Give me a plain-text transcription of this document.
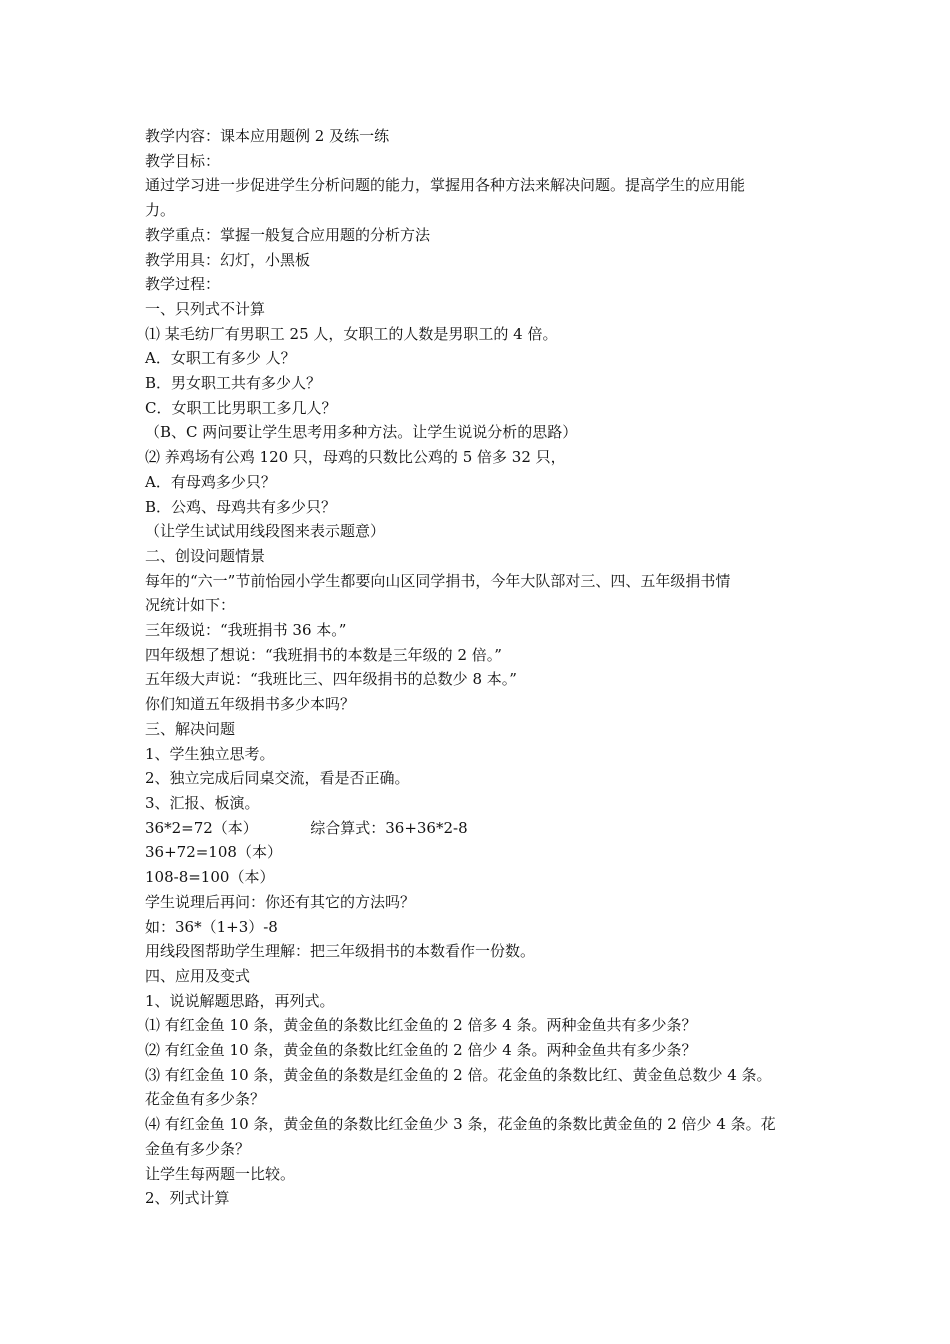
教学内容：课本应用题例 2 及练一练

教学目标：

通过学习进一步促进学生分析问题的能力，掌握用各种方法来解决问题。提高学生的应用能

力。

教学重点：掌握一般复合应用题的分析方法

教学用具：幻灯，小黑板

教学过程：

一、只列式不计算

⑴ 某毛纺厂有男职工 25 人，女职工的人数是男职工的 4 倍。

A．女职工有多少 人？

B．男女职工共有多少人？

C．女职工比男职工多几人？

（B、C 两问要让学生思考用多种方法。让学生说说分析的思路）

⑵ 养鸡场有公鸡 120 只，母鸡的只数比公鸡的 5 倍多 32 只，

A．有母鸡多少只？

B．公鸡、母鸡共有多少只？

（让学生试试用线段图来表示题意）

二、创设问题情景

每年的“六一”节前怡园小学生都要向山区同学捐书，今年大队部对三、四、五年级捐书情

况统计如下：

三年级说：“我班捐书 36 本。”

四年级想了想说：“我班捐书的本数是三年级的 2 倍。”

五年级大声说：“我班比三、四年级捐书的总数少 8 本。”

你们知道五年级捐书多少本吗？

三、解决问题

1、学生独立思考。

2、独立完成后同桌交流，看是否正确。

3、汇报、板演。

36*2=72（本）           综合算式：36+36*2-8

36+72=108（本）

108-8=100（本）

学生说理后再问：你还有其它的方法吗？

如：36*（1+3）-8

用线段图帮助学生理解：把三年级捐书的本数看作一份数。

四、应用及变式

1、说说解题思路，再列式。

⑴ 有红金鱼 10 条，黄金鱼的条数比红金鱼的 2 倍多 4 条。两种金鱼共有多少条？

⑵ 有红金鱼 10 条，黄金鱼的条数比红金鱼的 2 倍少 4 条。两种金鱼共有多少条？

⑶ 有红金鱼 10 条，黄金鱼的条数是红金鱼的 2 倍。花金鱼的条数比红、黄金鱼总数少 4 条。

花金鱼有多少条？

⑷ 有红金鱼 10 条，黄金鱼的条数比红金鱼少 3 条，花金鱼的条数比黄金鱼的 2 倍少 4 条。花

金鱼有多少条？

让学生每两题一比较。

2、列式计算
